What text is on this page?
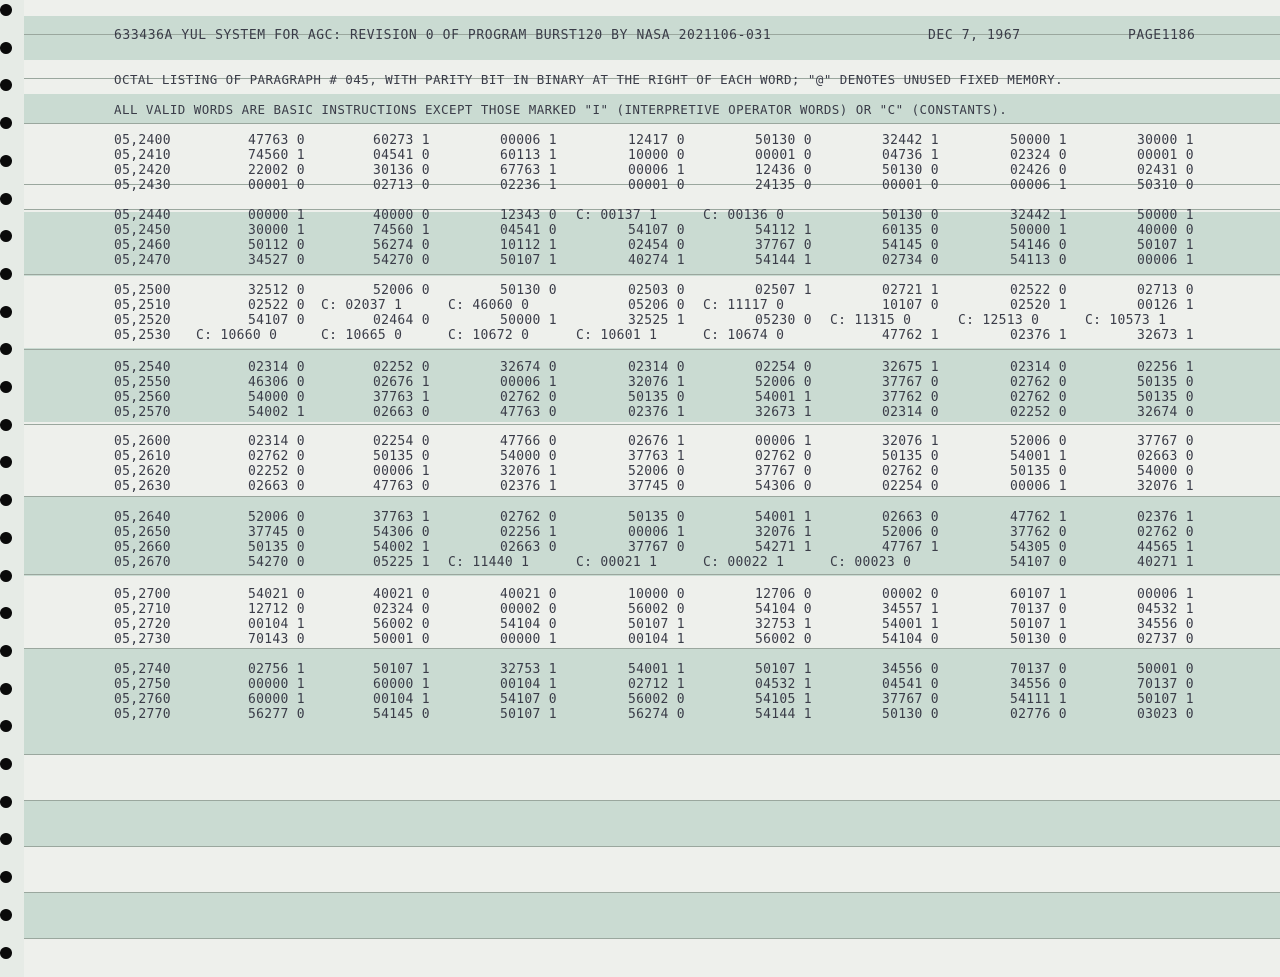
633436A YUL SYSTEM FOR AGC: REVISION 0 OF PROGRAM BURST120 BY NASA 2021106-031	DEC 7, 1967	PAGE1186
OCTAL LISTING OF PARAGRAPH # 045, WITH PARITY BIT IN BINARY AT THE RIGHT OF EACH WORD; "@" DENOTES UNUSED FIXED MEMORY.
ALL VALID WORDS ARE BASIC INSTRUCTIONS EXCEPT THOSE MARKED "I" (INTERPRETIVE OPERATOR WORDS) OR "C" (CONSTANTS).
05,2400	47763 0	60273 1	00006 1	12417 0	50130 0	32442 1	50000 1	30000 1
05,2410	74560 1	04541 0	60113 1	10000 0	00001 0	04736 1	02324 0	00001 0
05,2420	22002 0	30136 0	67763 1	00006 1	12436 0	50130 0	02426 0	02431 0
05,2430	00001 0	02713 0	02236 1	00001 0	24135 0	00001 0	00006 1	50310 0
05,2440	00000 1	40000 0	12343 0 C: 00137 1	C: 00136 0	50130 0	32442 1	50000 1
05,2450	30000 1	74560 1	04541 0	54107 0	54112 1	60135 0	50000 1	40000 0
05,2460	50112 0	56274 0	10112 1	02454 0	37767 0	54145 0	54146 0	50107 1
05,2470	34527 0	54270 0	50107 1	40274 1	54144 1	02734 0	54113 0	00006 1
05,2500	32512 0	52006 0	50130 0	02503 0	02507 1	02721 1	02522 0	02713 0
05,2510	02522 0 C: 02037 1	C: 46060 0	05206 0 C: 11117 0	10107 0	02520 1	00126 1
05,2520	54107 0	02464 0	50000 1	32525 1	05230 0 C: 11315 0	C: 12513 0	C: 10573 1
05,2530 C: 10660 0	C: 10665 0	C: 10672 0	C: 10601 1	C: 10674 0	47762 1	02376 1	32673 1
05,2540	02314 0	02252 0	32674 0	02314 0	02254 0	32675 1	02314 0	02256 1
05,2550	46306 0	02676 1	00006 1	32076 1	52006 0	37767 0	02762 0	50135 0
05,2560	54000 0	37763 1	02762 0	50135 0	54001 1	37762 0	02762 0	50135 0
05,2570	54002 1	02663 0	47763 0	02376 1	32673 1	02314 0	02252 0	32674 0
05,2600	02314 0	02254 0	47766 0	02676 1	00006 1	32076 1	52006 0	37767 0
05,2610	02762 0	50135 0	54000 0	37763 1	02762 0	50135 0	54001 1	02663 0
05,2620	02252 0	00006 1	32076 1	52006 0	37767 0	02762 0	50135 0	54000 0
05,2630	02663 0	47763 0	02376 1	37745 0	54306 0	02254 0	00006 1	32076 1
05,2640	52006 0	37763 1	02762 0	50135 0	54001 1	02663 0	47762 1	02376 1
05,2650	37745 0	54306 0	02256 1	00006 1	32076 1	52006 0	37762 0	02762 0
05,2660	50135 0	54002 1	02663 0	37767 0	54271 1	47767 1	54305 0	44565 1
05,2670	54270 0	05225 1 C: 11440 1	C: 00021 1	C: 00022 1	C: 00023 0	54107 0	40271 1
05,2700	54021 0	40021 0	40021 0	10000 0	12706 0	00002 0	60107 1	00006 1
05,2710	12712 0	02324 0	00002 0	56002 0	54104 0	34557 1	70137 0	04532 1
05,2720	00104 1	56002 0	54104 0	50107 1	32753 1	54001 1	50107 1	34556 0
05,2730	70143 0	50001 0	00000 1	00104 1	56002 0	54104 0	50130 0	02737 0
05,2740	02756 1	50107 1	32753 1	54001 1	50107 1	34556 0	70137 0	50001 0
05,2750	00000 1	60000 1	00104 1	02712 1	04532 1	04541 0	34556 0	70137 0
05,2760	60000 1	00104 1	54107 0	56002 0	54105 1	37767 0	54111 1	50107 1
05,2770	56277 0	54145 0	50107 1	56274 0	54144 1	50130 0	02776 0	03023 0
